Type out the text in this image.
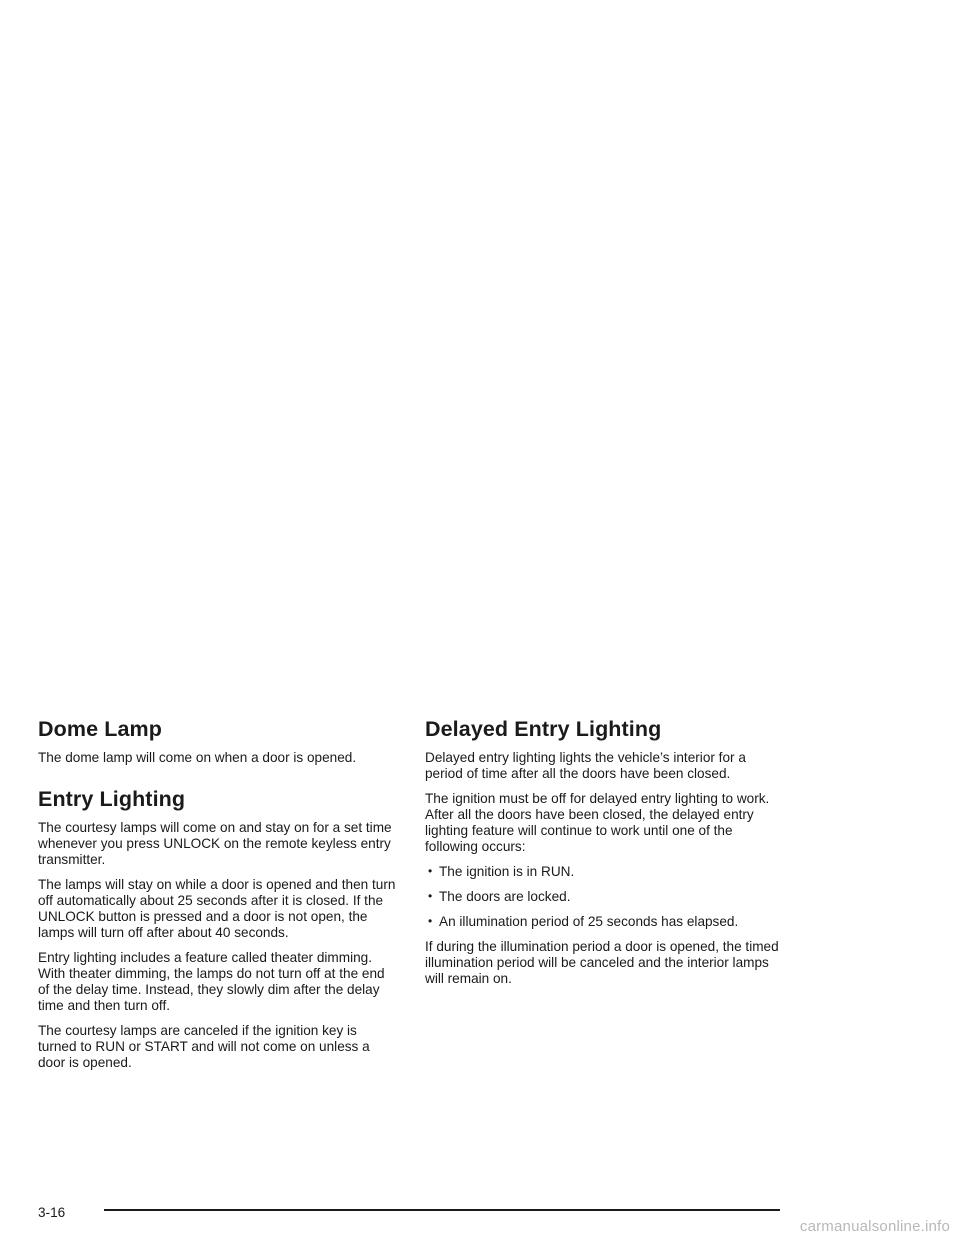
Dome Lamp

The dome lamp will come on when a door is opened.

Entry Lighting

The courtesy lamps will come on and stay on for a set time whenever you press UNLOCK on the remote keyless entry transmitter.

The lamps will stay on while a door is opened and then turn off automatically about 25 seconds after it is closed. If the UNLOCK button is pressed and a door is not open, the lamps will turn off after about 40 seconds.

Entry lighting includes a feature called theater dimming. With theater dimming, the lamps do not turn off at the end of the delay time. Instead, they slowly dim after the delay time and then turn off.

The courtesy lamps are canceled if the ignition key is turned to RUN or START and will not come on unless a door is opened.

Delayed Entry Lighting

Delayed entry lighting lights the vehicle’s interior for a period of time after all the doors have been closed.

The ignition must be off for delayed entry lighting to work. After all the doors have been closed, the delayed entry lighting feature will continue to work until one of the following occurs:

• The ignition is in RUN.
• The doors are locked.
• An illumination period of 25 seconds has elapsed.

If during the illumination period a door is opened, the timed illumination period will be canceled and the interior lamps will remain on.

3-16
carmanualsonline.info
